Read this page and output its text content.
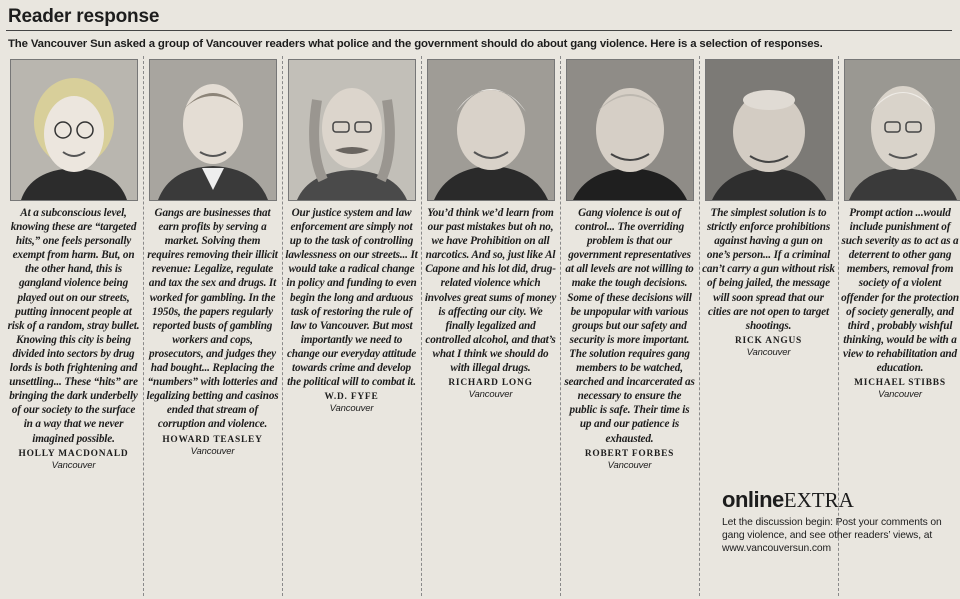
Reader response
The Vancouver Sun asked a group of Vancouver readers what police and the government should do about gang violence. Here is a selection of responses.
At a subconscious level, knowing these are “targeted hits,” one feels personally exempt from harm. But, on the other hand, this is gangland violence being played out on our streets, putting innocent people at risk of a random, stray bullet. Knowing this city is being divided into sectors by drug lords is both frightening and unsettling... These “hits” are bringing the dark underbelly of our society to the surface in a way that we never imagined possible.
HOLLY MACDONALD
Vancouver
Gangs are businesses that earn profits by serving a market. Solving them requires removing their illicit revenue: Legalize, regulate and tax the sex and drugs. It worked for gambling. In the 1950s, the papers regularly reported busts of gambling workers and cops, prosecutors, and judges they had bought... Replacing the “numbers” with lotteries and legalizing betting and casinos ended that stream of corruption and violence.
HOWARD TEASLEY
Vancouver
Our justice system and law enforcement are simply not up to the task of controlling lawlessness on our streets... It would take a radical change in policy and funding to even begin the long and arduous task of restoring the rule of law to Vancouver. But most importantly we need to change our everyday attitude towards crime and develop the political will to combat it.
W.D. FYFE
Vancouver
You’d think we’d learn from our past mistakes but oh no, we have Prohibition on all narcotics. And so, just like Al Capone and his lot did, drug-related violence which involves great sums of money is affecting our city. We finally legalized and controlled alcohol, and that’s what I think we should do with illegal drugs.
RICHARD LONG
Vancouver
Gang violence is out of control... The overriding problem is that our government representatives at all levels are not willing to make the tough decisions. Some of these decisions will be unpopular with various groups but our safety and security is more important. The solution requires gang members to be watched, searched and incarcerated as necessary to ensure the public is safe. Their time is up and our patience is exhausted.
ROBERT FORBES
Vancouver
The simplest solution is to strictly enforce prohibitions against having a gun on one’s person... If a criminal can’t carry a gun without risk of being jailed, the message will soon spread that our cities are not open to target shootings.
RICK ANGUS
Vancouver
Prompt action ...would include punishment of such severity as to act as a deterrent to other gang members, removal from society of a violent offender for the protection of society generally, and third , probably wishful thinking, would be with a view to rehabilitation and education.
MICHAEL STIBBS
Vancouver
onlineEXTRA
Let the discussion begin: Post your comments on gang violence, and see other readers’ views, at www.vancouversun.com
